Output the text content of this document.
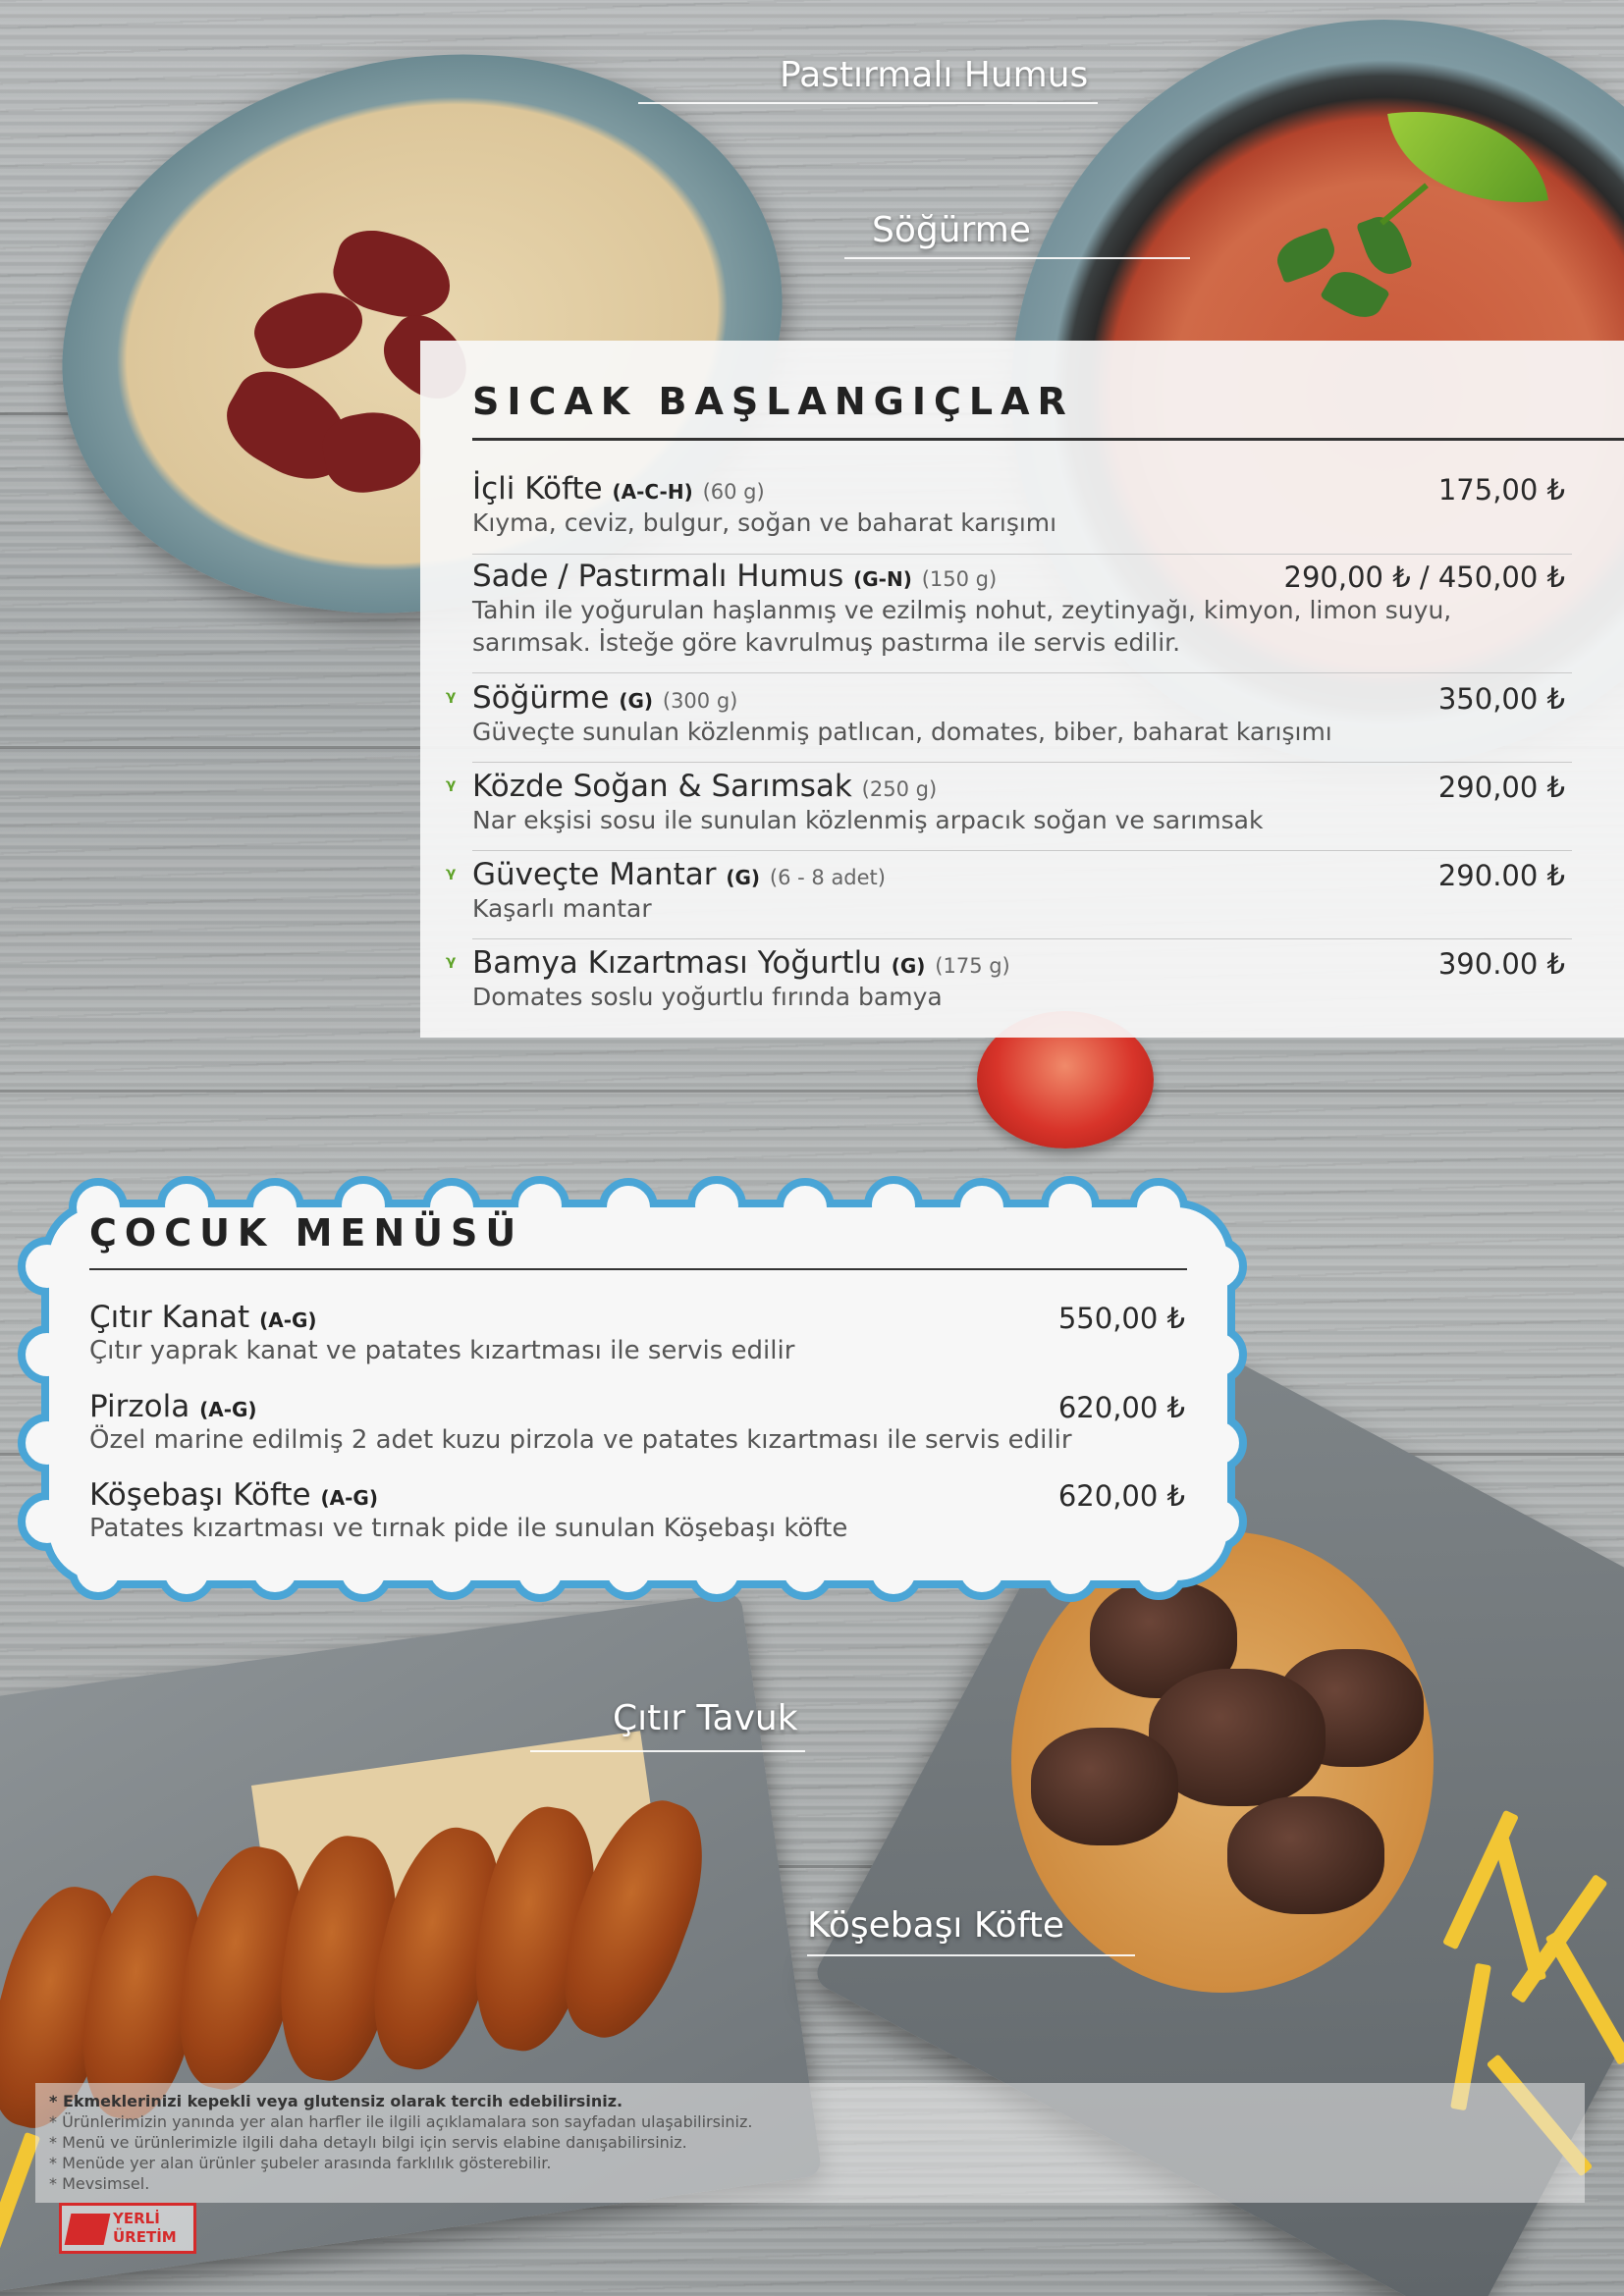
Pastırmalı Humus
Söğürme
Çıtır Tavuk
Köşebaşı Köfte
SICAK BAŞLANGIÇLAR
İçli Köfte (A-C-H) (60 g)
Kıyma, ceviz, bulgur, soğan ve baharat karışımı
175,00 ₺
Sade / Pastırmalı Humus (G-N) (150 g)
Tahin ile yoğurulan haşlanmış ve ezilmiş nohut, zeytinyağı, kimyon, limon suyu, sarımsak. İsteğe göre kavrulmuş pastırma ile servis edilir.
290,00 ₺ / 450,00 ₺
ᵞ Söğürme (G) (300 g)
Güveçte sunulan közlenmiş patlıcan, domates, biber, baharat karışımı
350,00 ₺
ᵞ Közde Soğan & Sarımsak (250 g)
Nar ekşisi sosu ile sunulan közlenmiş arpacık soğan ve sarımsak
290,00 ₺
ᵞ Güveçte Mantar (G) (6 - 8 adet)
Kaşarlı mantar
290.00 ₺
ᵞ Bamya Kızartması Yoğurtlu (G) (175 g)
Domates soslu yoğurtlu fırında bamya
390.00 ₺
ÇOCUK MENÜSÜ
Çıtır Kanat (A-G)
Çıtır yaprak kanat ve patates kızartması ile servis edilir
550,00 ₺
Pirzola (A-G)
Özel marine edilmiş 2 adet kuzu pirzola ve patates kızartması ile servis edilir
620,00 ₺
Köşebaşı Köfte (A-G)
Patates kızartması ve tırnak pide ile sunulan Köşebaşı köfte
620,00 ₺
* Ekmeklerinizi kepekli veya glutensiz olarak tercih edebilirsiniz.
* Ürünlerimizin yanında yer alan harfler ile ilgili açıklamalara son sayfadan ulaşabilirsiniz.
* Menü ve ürünlerimizle ilgili daha detaylı bilgi için servis elabine danışabilirsiniz.
* Menüde yer alan ürünler şubeler arasında farklılık gösterebilir.
* Mevsimsel.
YERLİ
ÜRETİM
